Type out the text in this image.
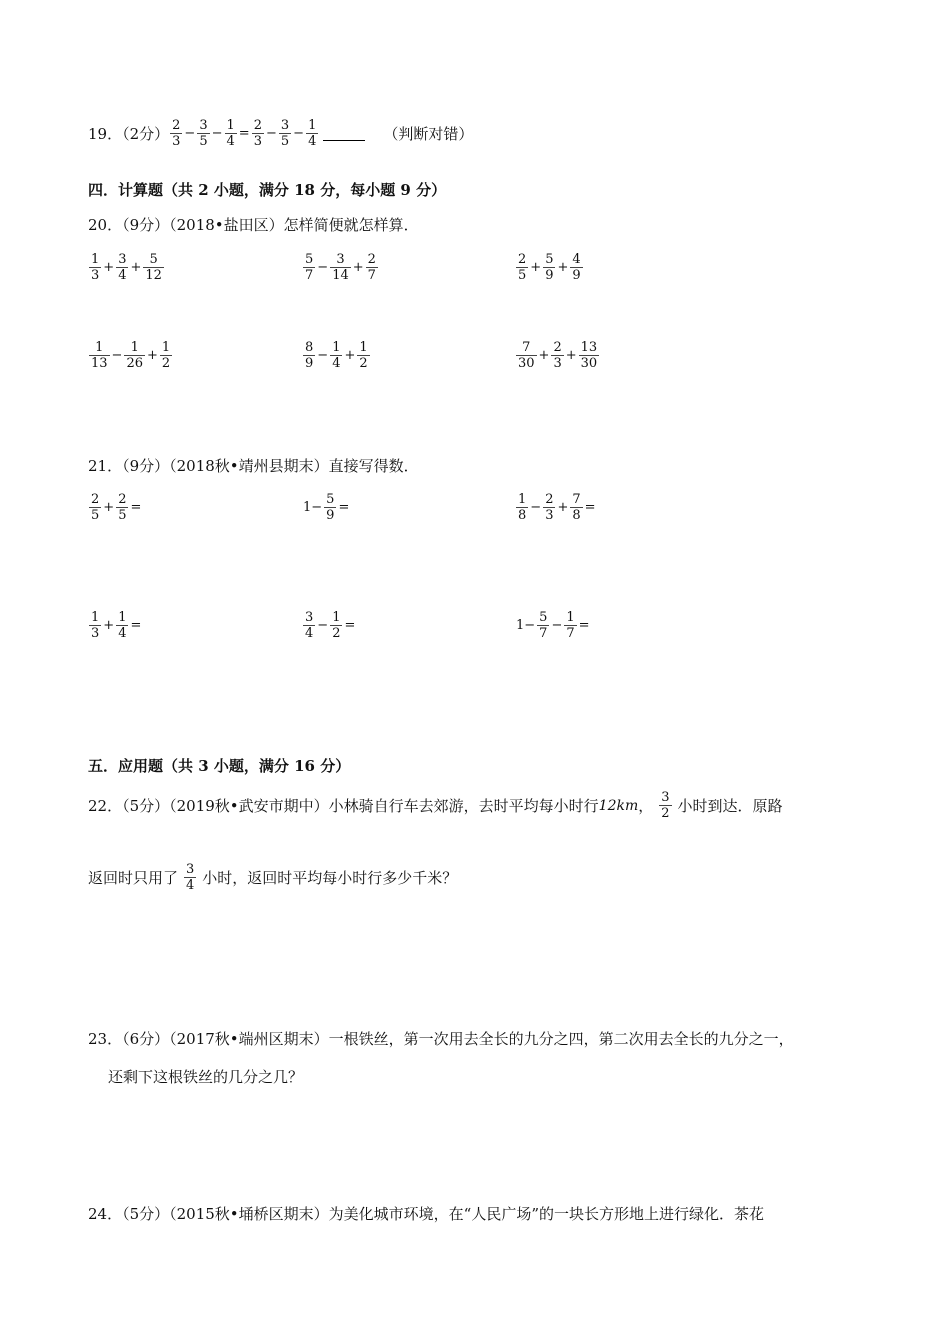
19．（2分） $\frac{2}{3} - \frac{3}{5} - \frac{1}{4} = \frac{2}{3} - \frac{3}{5} - \frac{1}{4}$	（判断对错）
四．计算题（共 2 小题，满分 18 分，每小题 9 分）
20．（9分）（2018•盐田区）怎样简便就怎样算．
$\frac{1}{3} + \frac{3}{4} + \frac{5}{12}$	$\frac{5}{7} - \frac{3}{14} + \frac{2}{7}$	$\frac{2}{5} + \frac{5}{9} + \frac{4}{9}$
$\frac{1}{13} - \frac{1}{26} + \frac{1}{2}$	$\frac{8}{9} - \frac{1}{4} + \frac{1}{2}$	$\frac{7}{30} + \frac{2}{3} + \frac{13}{30}$
21．（9分）（2018秋•靖州县期末）直接写得数．
$\frac{2}{5} + \frac{2}{5}$ =	$1- \frac{5}{9}$ =	$\frac{1}{8} - \frac{2}{3} + \frac{7}{8}$ =
$\frac{1}{3} + \frac{1}{4}$ =	$\frac{3}{4} - \frac{1}{2}$ =	$1- \frac{5}{7} - \frac{1}{7}$ =
五．应用题（共 3 小题，满分 16 分）
22．（5分）（2019秋•武安市期中）小林骑自行车去郊游，去时平均每小时行 12km ， $\frac{3}{2}$ 小时到达．原路
返回时只用了 $\frac{3}{4}$ 小时，返回时平均每小时行多少千米？
23．（6分）（2017秋•端州区期末）一根铁丝，第一次用去全长的九分之四，第二次用去全长的九分之一，
还剩下这根铁丝的几分之几？
24．（5分）（2015秋•埇桥区期末）为美化城市环境，在“人民广场”的一块长方形地上进行绿化．茶花
